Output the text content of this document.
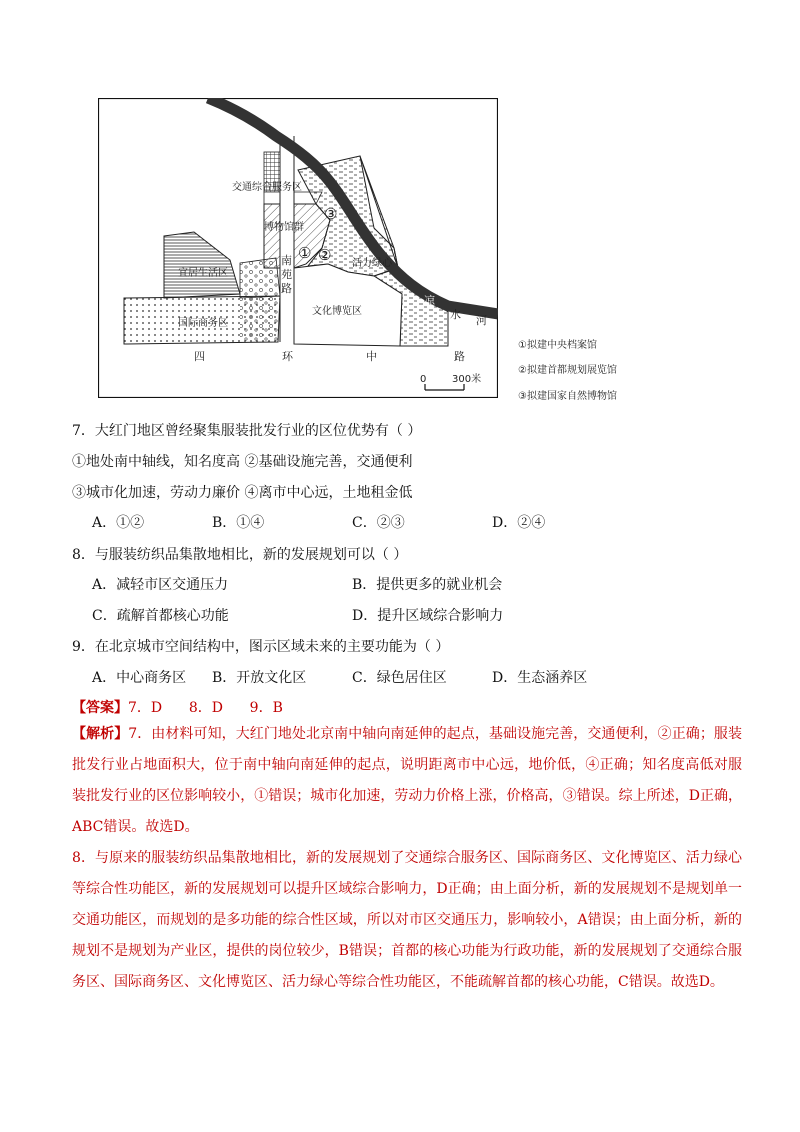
交通综合服务区
博物馆群
宜居生活区
国际商务区
文化博览区
活力绿心
南
苑
路
四	环	中	路
凉
水 河
① ②
③
0	300米
①拟建中央档案馆
②拟建首都规划展览馆
③拟建国家自然博物馆
7．大红门地区曾经聚集服装批发行业的区位优势有（ ）
①地处南中轴线，知名度高 ②基础设施完善，交通便利
③城市化加速，劳动力廉价 ④离市中心远，土地租金低
A．①②	B．①④	C．②③	D．②④
8．与服装纺织品集散地相比，新的发展规划可以（ ）
A．减轻市区交通压力	B．提供更多的就业机会
C．疏解首都核心功能	D．提升区域综合影响力
9．在北京城市空间结构中，图示区域未来的主要功能为（ ）
A．中心商务区 B．开放文化区	C．绿色居住区	D．生态涵养区
【答案】7．D      8．D      9．B
【解析】7．由材料可知，大红门地处北京南中轴向南延伸的起点，基础设施完善，交通便利，②正确；服装批发行业占地面积大，位于南中轴向南延伸的起点，说明距离市中心远，地价低，④正确；知名度高低对服装批发行业的区位影响较小，①错误；城市化加速，劳动力价格上涨，价格高，③错误。综上所述，D正确，ABC错误。故选D。
8．与原来的服装纺织品集散地相比，新的发展规划了交通综合服务区、国际商务区、文化博览区、活力绿心等综合性功能区，新的发展规划可以提升区域综合影响力，D正确；由上面分析，新的发展规划不是规划单一交通功能区，而规划的是多功能的综合性区域，所以对市区交通压力，影响较小，A错误；由上面分析，新的规划不是规划为产业区，提供的岗位较少，B错误；首都的核心功能为行政功能，新的发展规划了交通综合服务区、国际商务区、文化博览区、活力绿心等综合性功能区，不能疏解首都的核心功能，C错误。故选D。
